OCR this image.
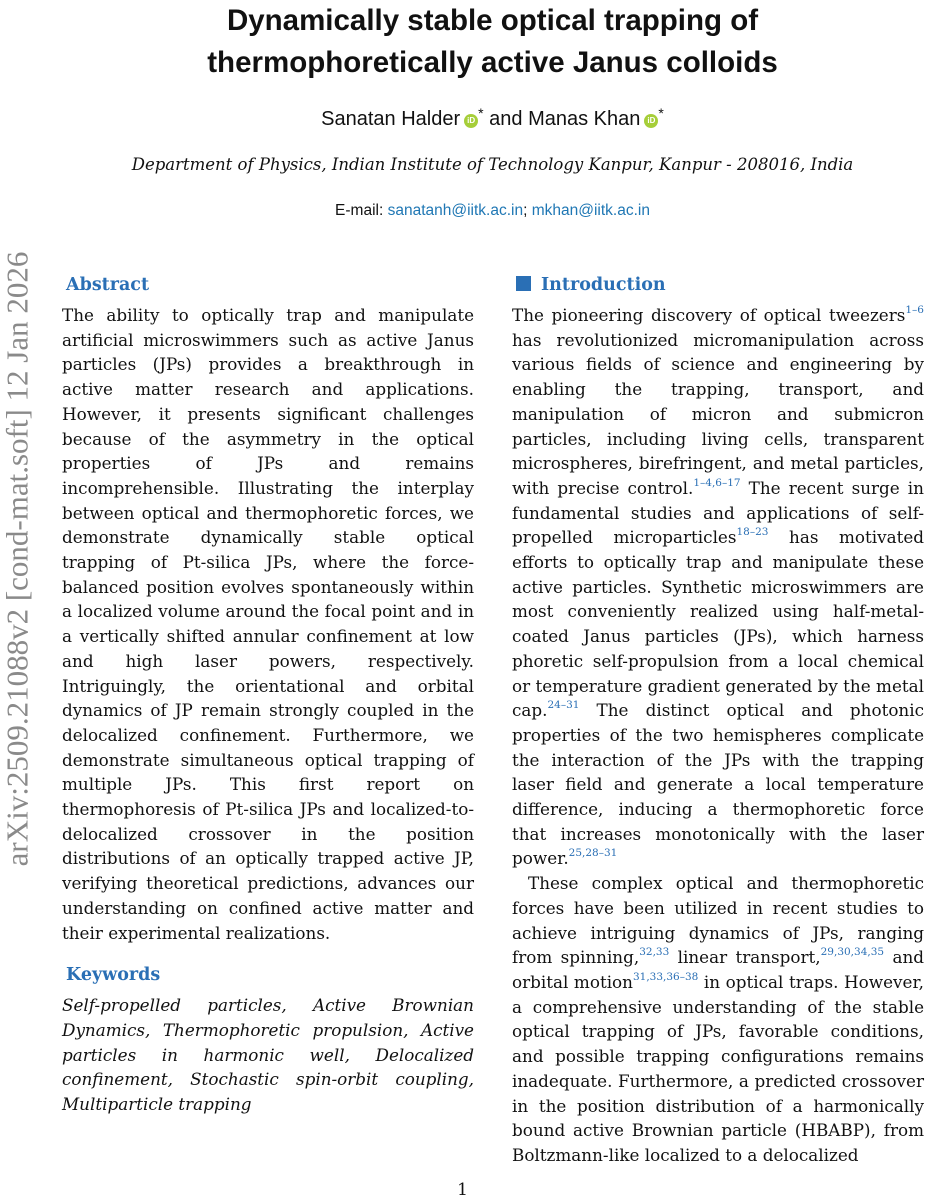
arXiv:2509.21088v2 [cond-mat.soft] 12 Jan 2026
Dynamically stable optical trapping of
thermophoretically active Janus colloids
Sanatan Halder iD * and Manas Khan iD *
Department of Physics, Indian Institute of Technology Kanpur, Kanpur - 208016, India
E-mail: sanatanh@iitk.ac.in; mkhan@iitk.ac.in
Abstract

The ability to optically trap and manipulate artificial microswimmers such as active Janus particles (JPs) provides a breakthrough in active matter research and applications. However, it presents significant challenges because of the asymmetry in the optical properties of JPs and remains incomprehensible. Illustrating the interplay between optical and thermophoretic forces, we demonstrate dynamically stable optical trapping of Pt-silica JPs, where the force-balanced position evolves spontaneously within a localized volume around the focal point and in a vertically shifted annular confinement at low and high laser powers, respectively. Intriguingly, the orientational and orbital dynamics of JP remain strongly coupled in the delocalized confinement. Furthermore, we demonstrate simultaneous optical trapping of multiple JPs. This first report on thermophoresis of Pt-silica JPs and localized-to-delocalized crossover in the position distributions of an optically trapped active JP, verifying theoretical predictions, advances our understanding on confined active matter and their experimental realizations.

Keywords

Self-propelled particles, Active Brownian Dynamics, Thermophoretic propulsion, Active particles in harmonic well, Delocalized confinement, Stochastic spin-orbit coupling, Multiparticle trapping

Introduction

The pioneering discovery of optical tweezers$^{1-6}$ has revolutionized micromanipulation across various fields of science and engineering by enabling the trapping, transport, and manipulation of micron and submicron particles, including living cells, transparent microspheres, birefringent, and metal particles, with precise control.$^{1-4,6-17}$ The recent surge in fundamental studies and applications of self-propelled microparticles$^{18-23}$ has motivated efforts to optically trap and manipulate these active particles. Synthetic microswimmers are most conveniently realized using half-metal-coated Janus particles (JPs), which harness phoretic self-propulsion from a local chemical or temperature gradient generated by the metal cap.$^{24-31}$ The distinct optical and photonic properties of the two hemispheres complicate the interaction of the JPs with the trapping laser field and generate a local temperature difference, inducing a thermophoretic force that increases monotonically with the laser power.$^{25,28-31}$

These complex optical and thermophoretic forces have been utilized in recent studies to achieve intriguing dynamics of JPs, ranging from spinning,$^{32,33}$ linear transport,$^{29,30,34,35}$ and orbital motion$^{31,33,36-38}$ in optical traps. However, a comprehensive understanding of the stable optical trapping of JPs, favorable conditions, and possible trapping configurations remains inadequate. Furthermore, a predicted crossover in the position distribution of a harmonically bound active Brownian particle (HBABP), from Boltzmann-like localized to a delocalized

1
